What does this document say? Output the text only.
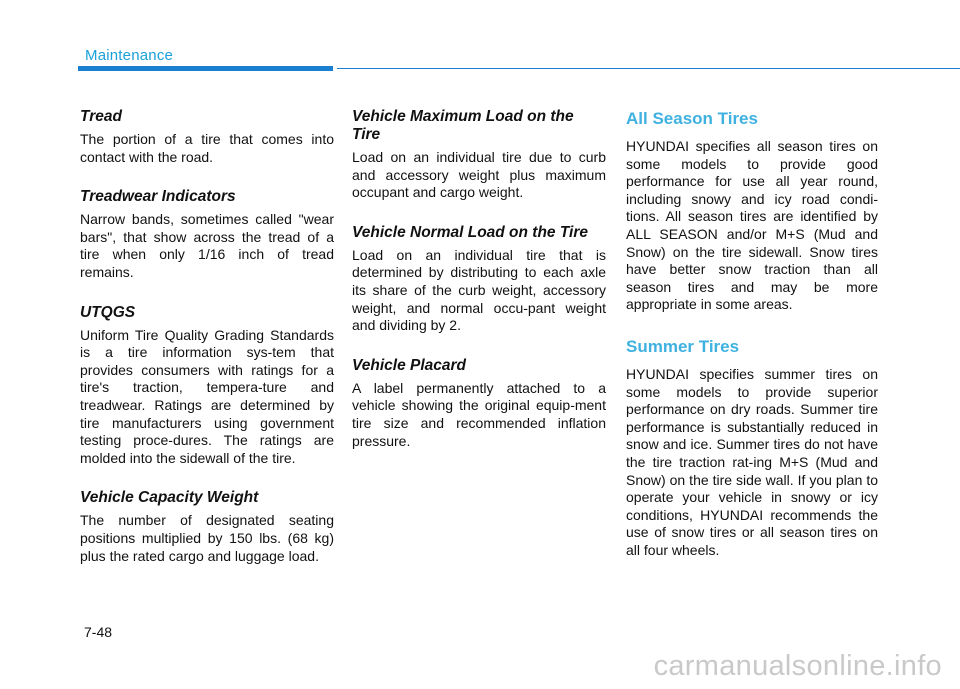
Maintenance
Tread

The portion of a tire that comes into contact with the road.

Treadwear Indicators

Narrow bands, sometimes called "wear bars", that show across the tread of a tire when only 1/16 inch of tread remains.

UTQGS

Uniform Tire Quality Grading Standards is a tire information sys-tem that provides consumers with ratings for a tire's traction, tempera-ture and treadwear. Ratings are determined by tire manufacturers using government testing proce-dures. The ratings are molded into the sidewall of the tire.

Vehicle Capacity Weight

The number of designated seating positions multiplied by 150 lbs. (68 kg) plus the rated cargo and luggage load.

Vehicle Maximum Load on the Tire

Load on an individual tire due to curb and accessory weight plus maximum occupant and cargo weight.

Vehicle Normal Load on the Tire

Load on an individual tire that is determined by distributing to each axle its share of the curb weight, accessory weight, and normal occu-pant weight and dividing by 2.

Vehicle Placard

A label permanently attached to a vehicle showing the original equip-ment tire size and recommended inflation pressure.

All Season Tires

HYUNDAI specifies all season tires on some models to provide good performance for use all year round, including snowy and icy road condi-tions. All season tires are identified by ALL SEASON and/or M+S (Mud and Snow) on the tire sidewall. Snow tires have better snow traction than all season tires and may be more appropriate in some areas.

Summer Tires

HYUNDAI specifies summer tires on some models to provide superior performance on dry roads. Summer tire performance is substantially reduced in snow and ice. Summer tires do not have the tire traction rat-ing M+S (Mud and Snow) on the tire side wall. If you plan to operate your vehicle in snowy or icy conditions, HYUNDAI recommends the use of snow tires or all season tires on all four wheels.

7-48
carmanualsonline.info
